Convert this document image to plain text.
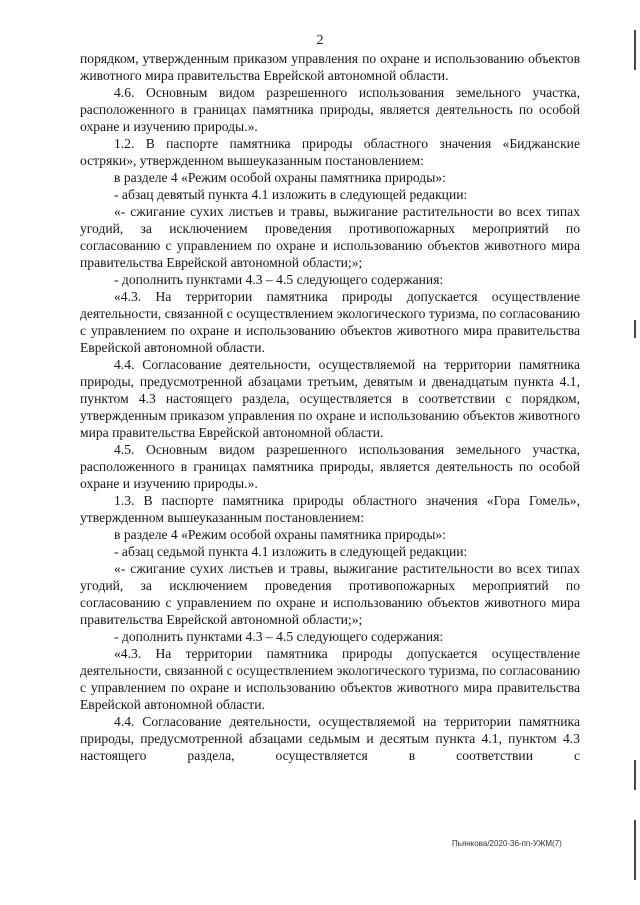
2

порядком, утвержденным приказом управления по охране и использованию объектов животного мира правительства Еврейской автономной области.

4.6. Основным видом разрешенного использования земельного участка, расположенного в границах памятника природы, является деятельность по особой охране и изучению природы.».

1.2. В паспорте памятника природы областного значения «Биджанские остряки», утвержденном вышеуказанным постановлением:

в разделе 4 «Режим особой охраны памятника природы»:

- абзац девятый пункта 4.1 изложить в следующей редакции:

«- сжигание сухих листьев и травы, выжигание растительности во всех типах угодий, за исключением проведения противопожарных мероприятий по согласованию с управлением по охране и использованию объектов животного мира правительства Еврейской автономной области;»;

- дополнить пунктами 4.3 – 4.5 следующего содержания:

«4.3. На территории памятника природы допускается осуществление деятельности, связанной с осуществлением экологического туризма, по согласованию с управлением по охране и использованию объектов животного мира правительства Еврейской автономной области.

4.4. Согласование деятельности, осуществляемой на территории памятника природы, предусмотренной абзацами третьим, девятым и двенадцатым пункта 4.1, пунктом 4.3 настоящего раздела, осуществляется в соответствии с порядком, утвержденным приказом управления по охране и использованию объектов животного мира правительства Еврейской автономной области.

4.5. Основным видом разрешенного использования земельного участка, расположенного в границах памятника природы, является деятельность по особой охране и изучению природы.».

1.3. В паспорте памятника природы областного значения «Гора Гомель», утвержденном вышеуказанным постановлением:

в разделе 4 «Режим особой охраны памятника природы»:

- абзац седьмой пункта 4.1 изложить в следующей редакции:

«- сжигание сухих листьев и травы, выжигание растительности во всех типах угодий, за исключением проведения противопожарных мероприятий по согласованию с управлением по охране и использованию объектов животного мира правительства Еврейской автономной области;»;

- дополнить пунктами 4.3 – 4.5 следующего содержания:

«4.3. На территории памятника природы допускается осуществление деятельности, связанной с осуществлением экологического туризма, по согласованию с управлением по охране и использованию объектов животного мира правительства Еврейской автономной области.

4.4. Согласование деятельности, осуществляемой на территории памятника природы, предусмотренной абзацами седьмым и десятым пункта 4.1, пунктом 4.3 настоящего раздела, осуществляется в соответствии с

Пьянкова/2020-36-пп-УЖМ(7)
